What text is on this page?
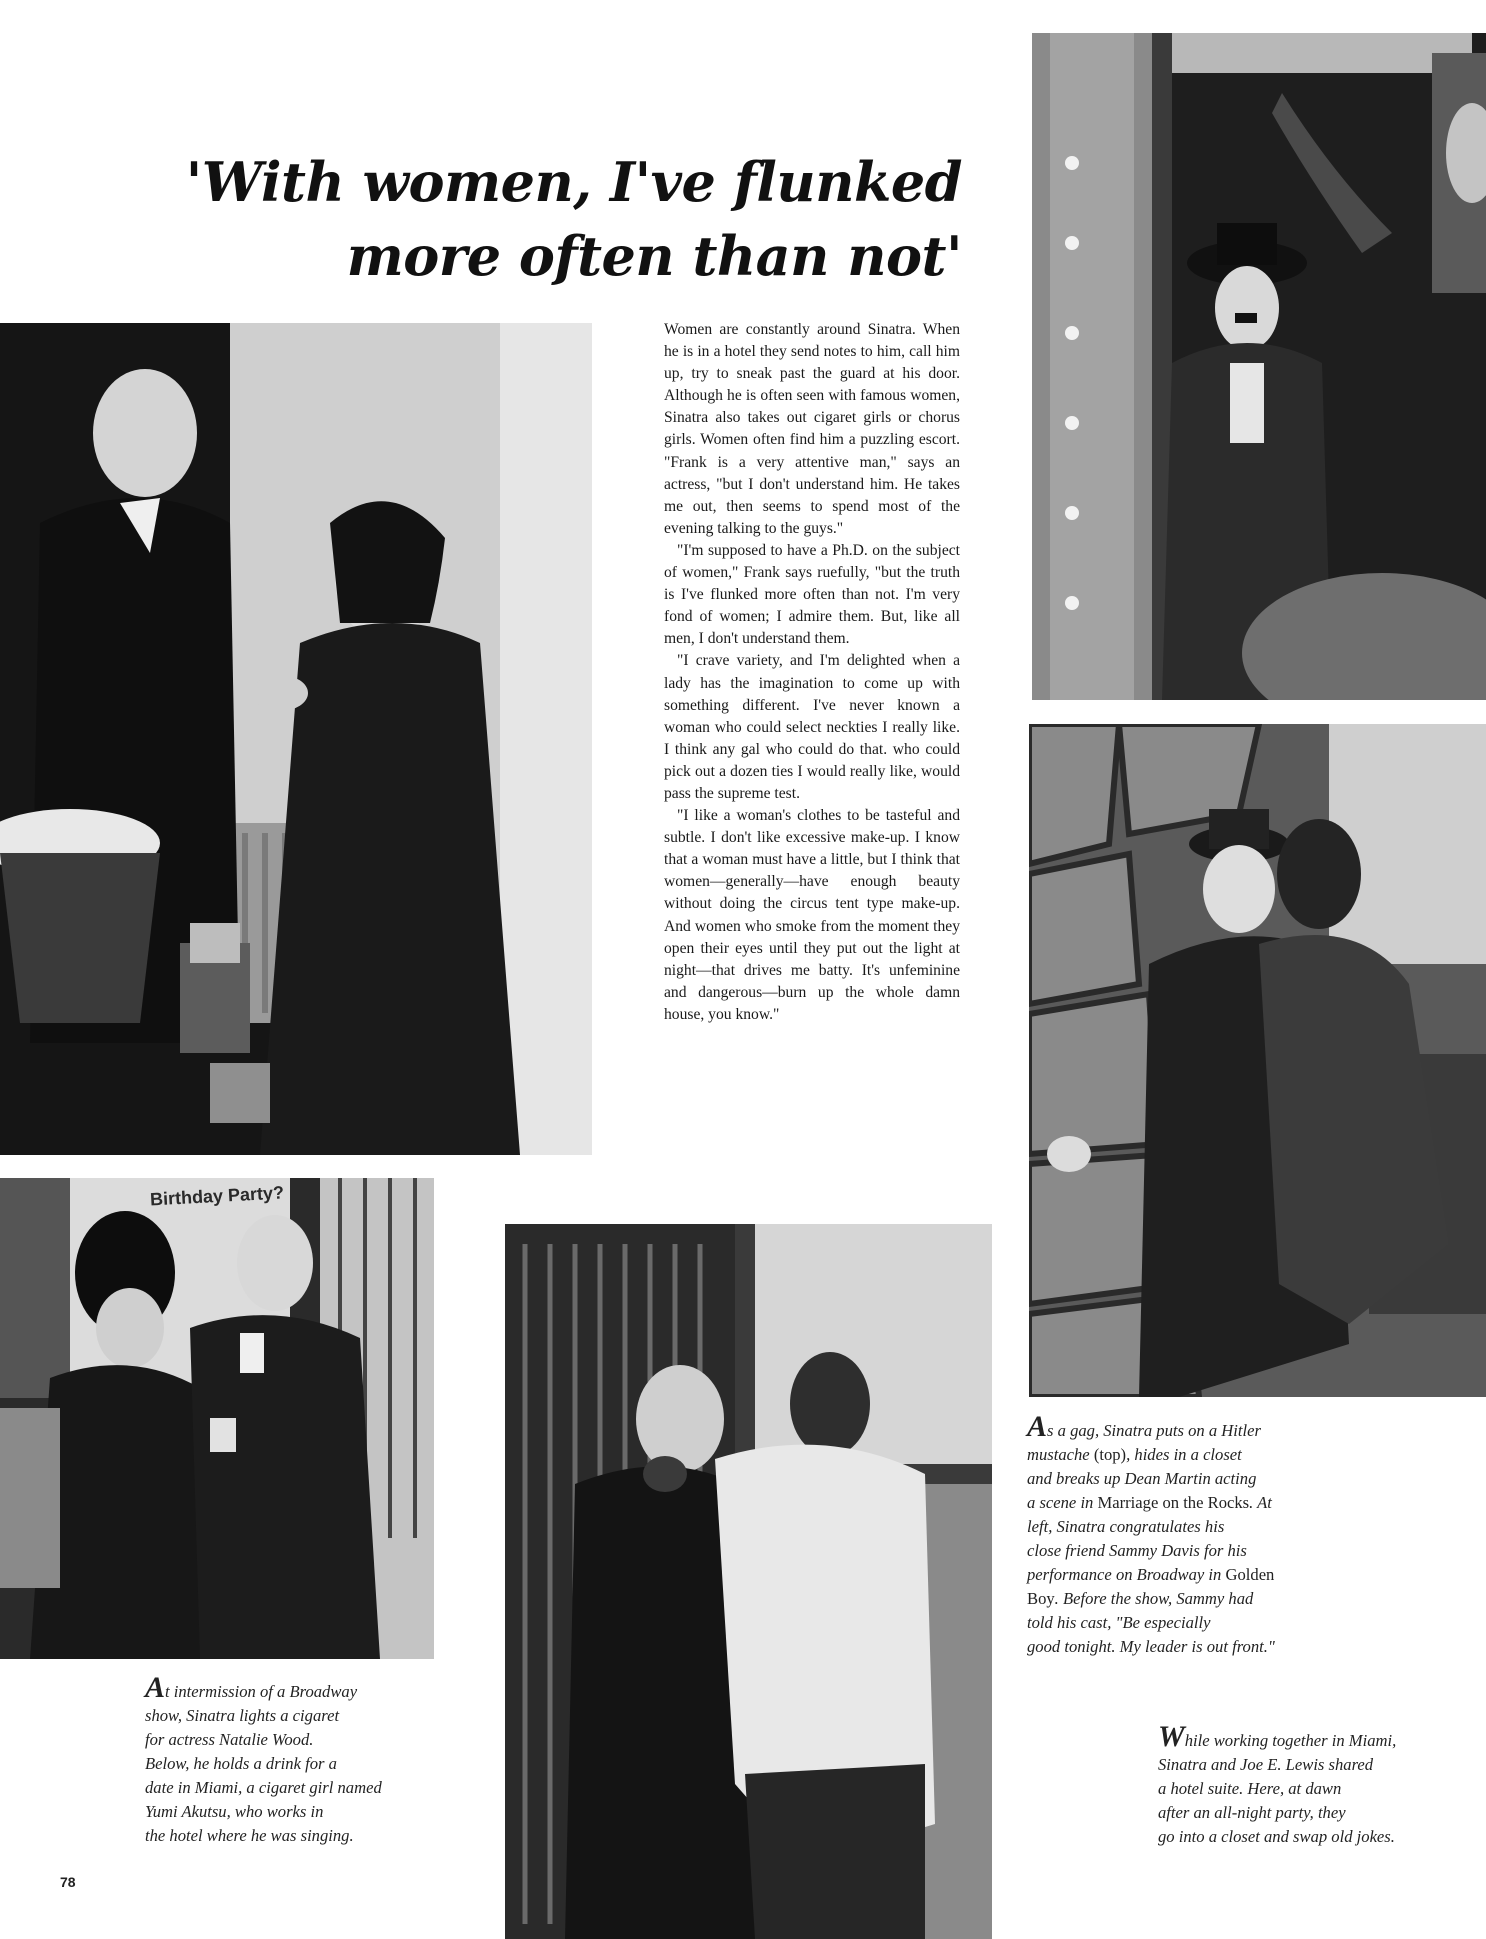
'With women, I've flunked
more often than not'
Birthday Party?

Women are constantly around Sinatra. When he is in a hotel they send notes to him, call him up, try to sneak past the guard at his door. Although he is often seen with famous women, Sinatra also takes out cigaret girls or chorus girls. Women often find him a puzzling escort. "Frank is a very attentive man," says an actress, "but I don't understand him. He takes me out, then seems to spend most of the evening talking to the guys."

"I'm supposed to have a Ph.D. on the subject of women," Frank says ruefully, "but the truth is I've flunked more often than not. I'm very fond of women; I admire them. But, like all men, I don't understand them.

"I crave variety, and I'm delighted when a lady has the imagination to come up with something different. I've never known a woman who could select neckties I really like. I think any gal who could do that. who could pick out a dozen ties I would really like, would pass the supreme test.

"I like a woman's clothes to be tasteful and subtle. I don't like excessive make-up. I know that a woman must have a little, but I think that women—generally—have enough beauty without doing the circus tent type make-up. And women who smoke from the moment they open their eyes until they put out the light at night—that drives me batty. It's unfeminine and dangerous—burn up the whole damn house, you know."

As a gag, Sinatra puts on a Hitler
mustache (top), hides in a closet
and breaks up Dean Martin acting
a scene in Marriage on the Rocks. At
left, Sinatra congratulates his
close friend Sammy Davis for his
performance on Broadway in Golden
Boy. Before the show, Sammy had
told his cast, "Be especially
good tonight. My leader is out front."
At intermission of a Broadway
show, Sinatra lights a cigaret
for actress Natalie Wood.
Below, he holds a drink for a
date in Miami, a cigaret girl named
Yumi Akutsu, who works in
the hotel where he was singing.
While working together in Miami,
Sinatra and Joe E. Lewis shared
a hotel suite. Here, at dawn
after an all-night party, they
go into a closet and swap old jokes.
78
